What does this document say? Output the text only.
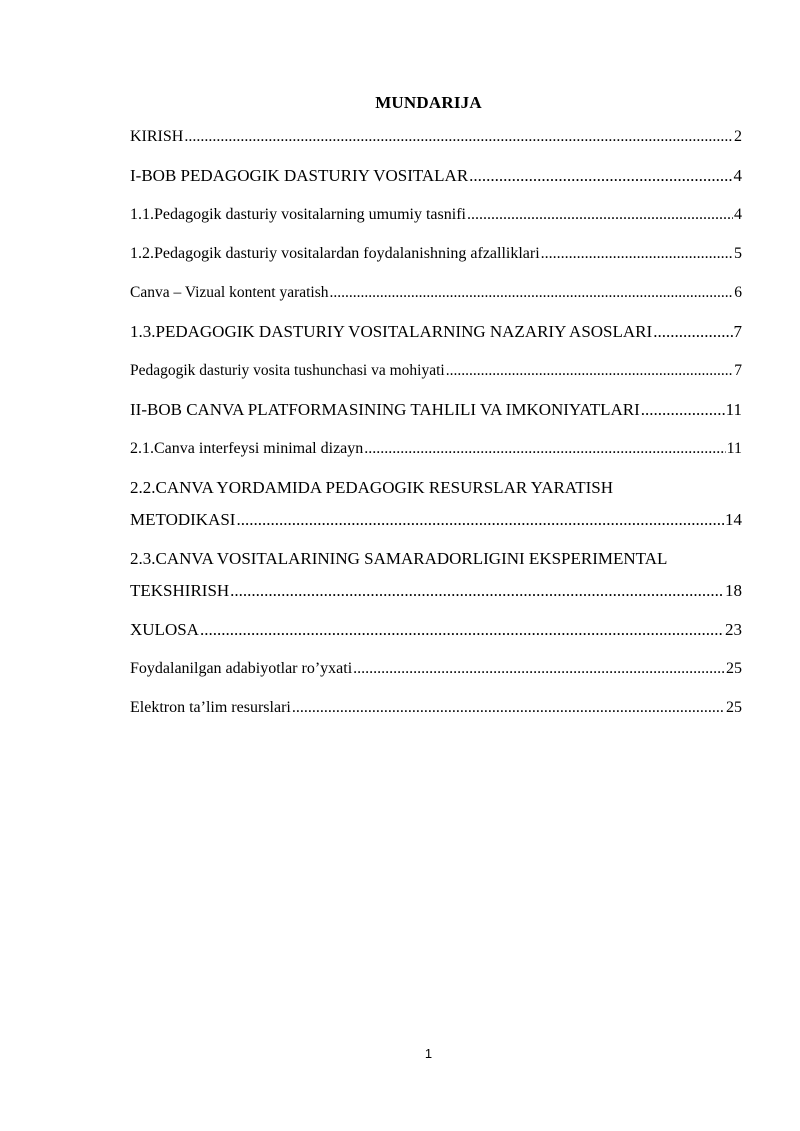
MUNDARIJA
KIRISH .....	2
I-BOB PEDAGOGIK DASTURIY VOSITALAR .....	4
1.1.Pedagogik dasturiy vositalarning umumiy tasnifi .....	4
1.2.Pedagogik dasturiy vositalardan foydalanishning afzalliklari .....	5
Canva – Vizual kontent yaratish .....	6
1.3.PEDAGOGIK DASTURIY VOSITALARNING NAZARIY ASOSLARI .....	7
Pedagogik dasturiy vosita tushunchasi va mohiyati .....	7
II-BOB CANVA PLATFORMASINING TAHLILI VA IMKONIYATLARI .....	11
2.1.Canva interfeysi minimal dizayn .....	11
2.2.CANVA YORDAMIDA PEDAGOGIK RESURSLAR YARATISH
METODIKASI .....	14
2.3.CANVA VOSITALARINING SAMARADORLIGINI EKSPERIMENTAL
TEKSHIRISH .....	18
XULOSA .....	23
Foydalanilgan adabiyotlar ro’yxati .....	25
Elektron ta’lim resurslari .....	25
1
